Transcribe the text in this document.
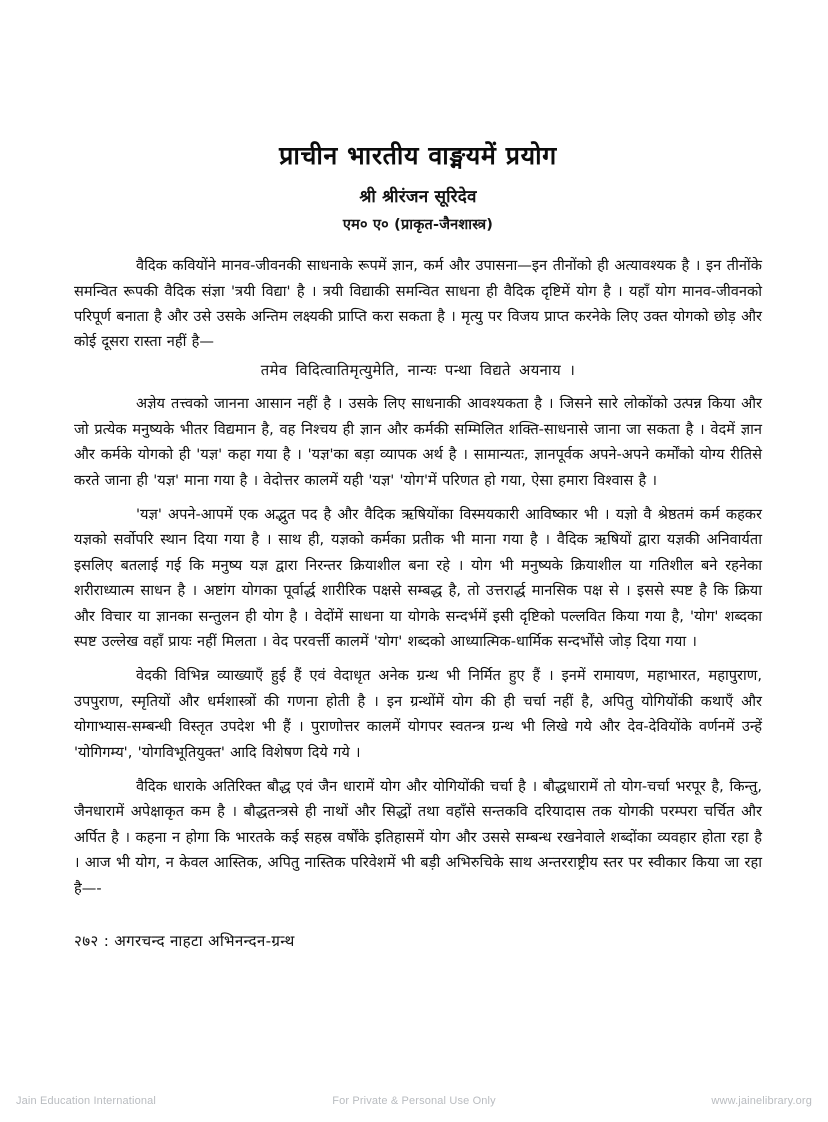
प्राचीन भारतीय वाङ्मयमें प्रयोग
श्री श्रीरंजन सूरिदेव
एम० ए० (प्राकृत-जैनशास्त्र)

वैदिक कवियोंने मानव-जीवनकी साधनाके रूपमें ज्ञान, कर्म और उपासना—इन तीनोंको ही अत्यावश्यक है । इन तीनोंके समन्वित रूपकी वैदिक संज्ञा 'त्रयी विद्या' है । त्रयी विद्याकी समन्वित साधना ही वैदिक दृष्टिमें योग है । यहाँ योग मानव-जीवनको परिपूर्ण बनाता है और उसे उसके अन्तिम लक्ष्यकी प्राप्ति करा सकता है । मृत्यु पर विजय प्राप्त करनेके लिए उक्त योगको छोड़ और कोई दूसरा रास्ता नहीं है—

तमेव विदित्वातिमृत्युमेति, नान्यः पन्था विद्यते अयनाय ।

अज्ञेय तत्त्वको जानना आसान नहीं है । उसके लिए साधनाकी आवश्यकता है । जिसने सारे लोकोंको उत्पन्न किया और जो प्रत्येक मनुष्यके भीतर विद्यमान है, वह निश्चय ही ज्ञान और कर्मकी सम्मिलित शक्ति-साधनासे जाना जा सकता है । वेदमें ज्ञान और कर्मके योगको ही 'यज्ञ' कहा गया है । 'यज्ञ'का बड़ा व्यापक अर्थ है । सामान्यतः, ज्ञानपूर्वक अपने-अपने कर्मोंको योग्य रीतिसे करते जाना ही 'यज्ञ' माना गया है । वेदोत्तर कालमें यही 'यज्ञ' 'योग'में परिणत हो गया, ऐसा हमारा विश्वास है ।

'यज्ञ' अपने-आपमें एक अद्भुत पद है और वैदिक ऋषियोंका विस्मयकारी आविष्कार भी । यज्ञो वै श्रेष्ठतमं कर्म कहकर यज्ञको सर्वोपरि स्थान दिया गया है । साथ ही, यज्ञको कर्मका प्रतीक भी माना गया है । वैदिक ऋषियों द्वारा यज्ञकी अनिवार्यता इसलिए बतलाई गई कि मनुष्य यज्ञ द्वारा निरन्तर क्रियाशील बना रहे । योग भी मनुष्यके क्रियाशील या गतिशील बने रहनेका शरीराध्यात्म साधन है । अष्टांग योगका पूर्वार्द्ध शारीरिक पक्षसे सम्बद्ध है, तो उत्तरार्द्ध मानसिक पक्ष से । इससे स्पष्ट है कि क्रिया और विचार या ज्ञानका सन्तुलन ही योग है । वेदोंमें साधना या योगके सन्दर्भमें इसी दृष्टिको पल्लवित किया गया है, 'योग' शब्दका स्पष्ट उल्लेख वहाँ प्रायः नहीं मिलता । वेद परवर्त्ती कालमें 'योग' शब्दको आध्यात्मिक-धार्मिक सन्दर्भोंसे जोड़ दिया गया ।

वेदकी विभिन्न व्याख्याएँ हुई हैं एवं वेदाधृत अनेक ग्रन्थ भी निर्मित हुए हैं । इनमें रामायण, महाभारत, महापुराण, उपपुराण, स्मृतियों और धर्मशास्त्रों की गणना होती है । इन ग्रन्थोंमें योग की ही चर्चा नहीं है, अपितु योगियोंकी कथाएँ और योगाभ्यास-सम्बन्धी विस्तृत उपदेश भी हैं । पुराणोत्तर कालमें योगपर स्वतन्त्र ग्रन्थ भी लिखे गये और देव-देवियोंके वर्णनमें उन्हें 'योगिगम्य', 'योगविभूतियुक्त' आदि विशेषण दिये गये ।

वैदिक धाराके अतिरिक्त बौद्ध एवं जैन धारामें योग और योगियोंकी चर्चा है । बौद्धधारामें तो योग-चर्चा भरपूर है, किन्तु, जैनधारामें अपेक्षाकृत कम है । बौद्धतन्त्रसे ही नाथों और सिद्धों तथा वहाँसे सन्तकवि दरियादास तक योगकी परम्परा चर्चित और अर्पित है । कहना न होगा कि भारतके कई सहस्र वर्षोंके इतिहासमें योग और उससे सम्बन्ध रखनेवाले शब्दोंका व्यवहार होता रहा है । आज भी योग, न केवल आस्तिक, अपितु नास्तिक परिवेशमें भी बड़ी अभिरुचिके साथ अन्तरराष्ट्रीय स्तर पर स्वीकार किया जा रहा है—-

२७२ : अगरचन्द नाहटा अभिनन्दन-ग्रन्थ
Jain Education International	For Private & Personal Use Only	www.jainelibrary.org
